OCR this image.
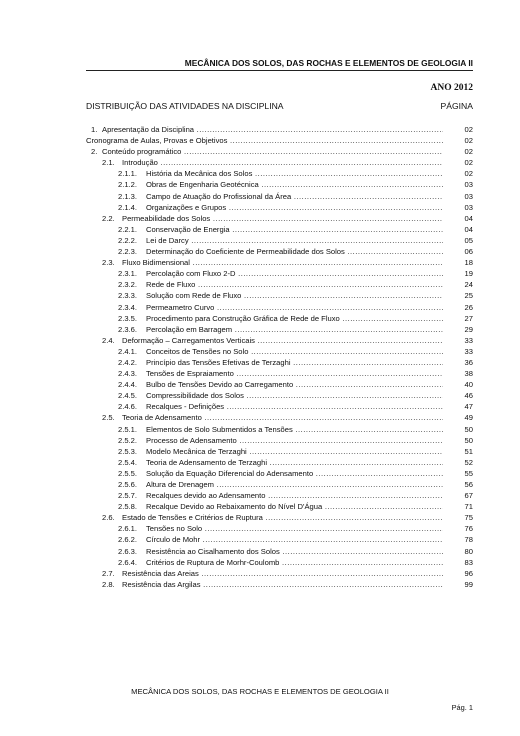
MECÂNICA DOS SOLOS, DAS ROCHAS E ELEMENTOS DE GEOLOGIA II
ANO 2012
DISTRIBUIÇÃO DAS ATIVIDADES NA DISCIPLINA	PÁGINA
1. Apresentação da Disciplina .....	02
Cronograma de Aulas, Provas e Objetivos .....	02
2. Conteúdo programático .....	02
2.1. Introdução .....	02
2.1.1. História da Mecânica dos Solos .....	02
2.1.2. Obras de Engenharia Geotécnica .....	03
2.1.3. Campo de Atuação do Profissional da Área .....	03
2.1.4. Organizações e Grupos .....	03
2.2. Permeabilidade dos Solos .....	04
2.2.1. Conservação de Energia .....	04
2.2.2. Lei de Darcy .....	05
2.2.3. Determinação do Coeficiente de Permeabilidade dos Solos .....	06
2.3. Fluxo Bidimensional .....	18
2.3.1. Percolação com Fluxo 2-D .....	19
2.3.2. Rede de Fluxo .....	24
2.3.3. Solução com Rede de Fluxo .....	25
2.3.4. Permeametro Curvo .....	26
2.3.5. Procedimento para Construção Gráfica de Rede de Fluxo .....	27
2.3.6. Percolação em Barragem .....	29
2.4. Deformação – Carregamentos Verticais .....	33
2.4.1. Conceitos de Tensões no Solo .....	33
2.4.2. Princípio das Tensões Efetivas de Terzaghi .....	36
2.4.3. Tensões de Espraiamento .....	38
2.4.4. Bulbo de Tensões Devido ao Carregamento .....	40
2.4.5. Compressibilidade dos Solos .....	46
2.4.6. Recalques - Definições .....	47
2.5. Teoria de Adensamento .....	49
2.5.1. Elementos de Solo Submentidos a Tensões .....	50
2.5.2. Processo de Adensamento .....	50
2.5.3. Modelo Mecânica de Terzaghi .....	51
2.5.4. Teoria de Adensamento de Terzaghi .....	52
2.5.5. Solução da Equação Diferencial do Adensamento .....	55
2.5.6. Altura de Drenagem .....	56
2.5.7. Recalques devido ao Adensamento .....	67
2.5.8. Recalque Devido ao Rebaixamento do Nível D'Água .....	71
2.6. Estado de Tensões e Critérios de Ruptura .....	75
2.6.1. Tensões no Solo .....	76
2.6.2. Círculo de Mohr .....	78
2.6.3. Resistência ao Cisalhamento dos Solos .....	80
2.6.4. Critérios de Ruptura de Morhr-Coulomb .....	83
2.7. Resistência das Areias .....	96
2.8. Resistência das Argilas .....	99
MECÂNICA DOS SOLOS, DAS ROCHAS E ELEMENTOS DE GEOLOGIA II
Pág. 1
